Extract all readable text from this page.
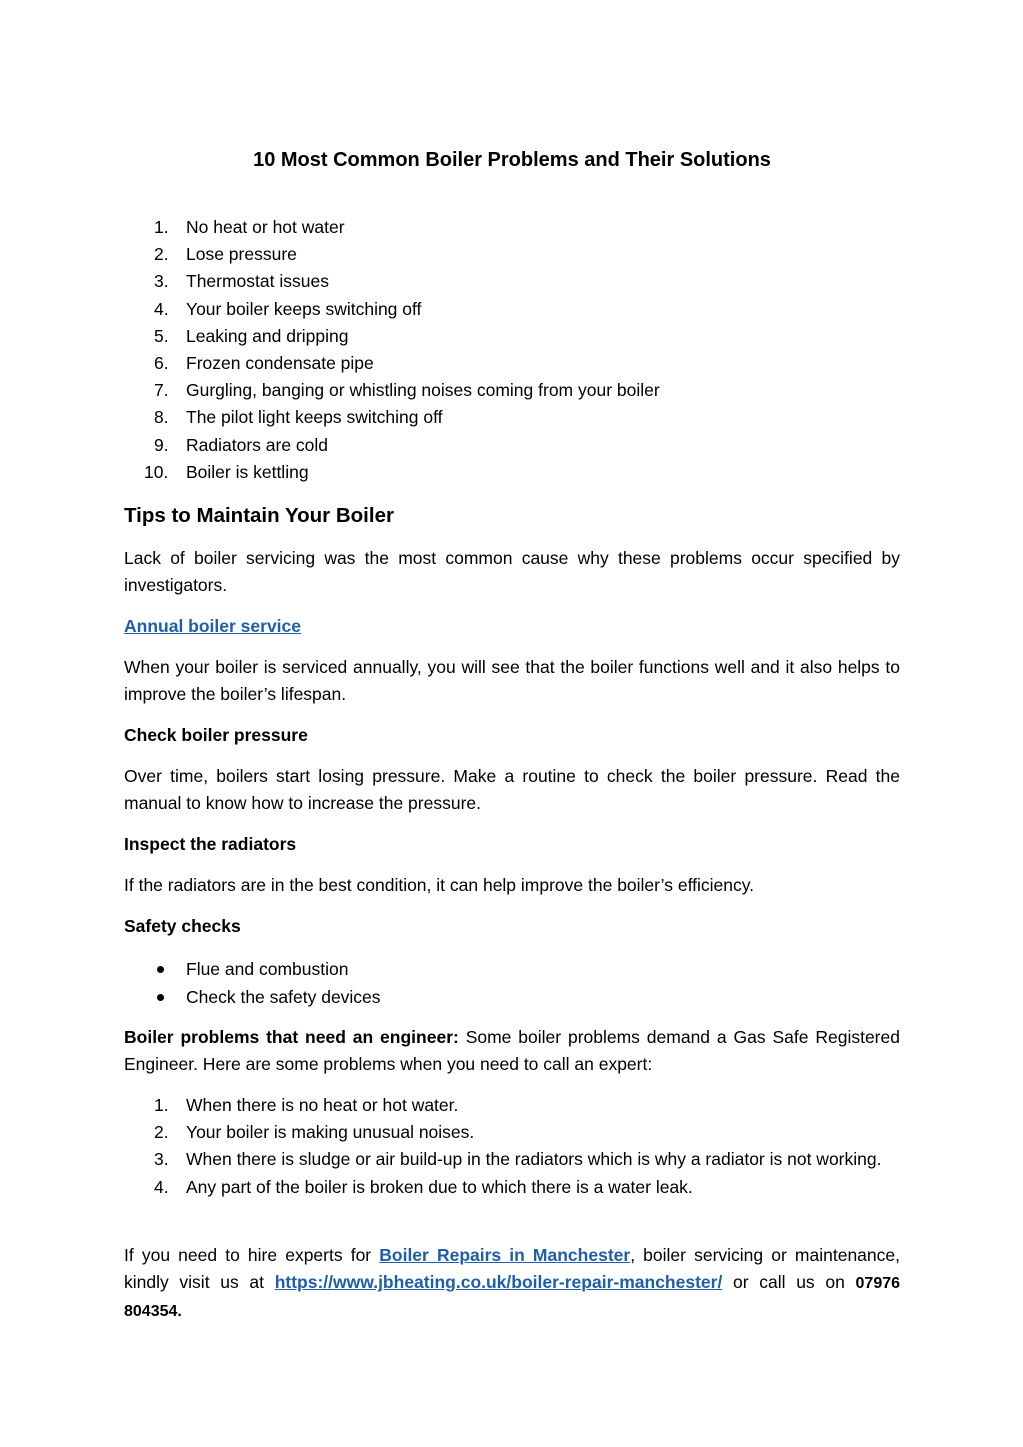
10 Most Common Boiler Problems and Their Solutions
1. No heat or hot water
2. Lose pressure
3. Thermostat issues
4. Your boiler keeps switching off
5. Leaking and dripping
6. Frozen condensate pipe
7. Gurgling, banging or whistling noises coming from your boiler
8. The pilot light keeps switching off
9. Radiators are cold
10.	Boiler is kettling
Tips to Maintain Your Boiler

Lack of boiler servicing was the most common cause why these problems occur specified by investigators.

Annual boiler service

When your boiler is serviced annually, you will see that the boiler functions well and it also helps to improve the boiler’s lifespan.

Check boiler pressure

Over time, boilers start losing pressure. Make a routine to check the boiler pressure. Read the manual to know how to increase the pressure.

Inspect the radiators

If the radiators are in the best condition, it can help improve the boiler’s efficiency.

Safety checks

Flue and combustion
Check the safety devices

Boiler problems that need an engineer: Some boiler problems demand a Gas Safe Registered Engineer. Here are some problems when you need to call an expert:

1. When there is no heat or hot water.
2. Your boiler is making unusual noises.
3. When there is sludge or air build-up in the radiators which is why a radiator is not working.
4. Any part of the boiler is broken due to which there is a water leak.

If you need to hire experts for Boiler Repairs in Manchester, boiler servicing or maintenance, kindly visit us at https://www.jbheating.co.uk/boiler-repair-manchester/ or call us on 07976 804354.
